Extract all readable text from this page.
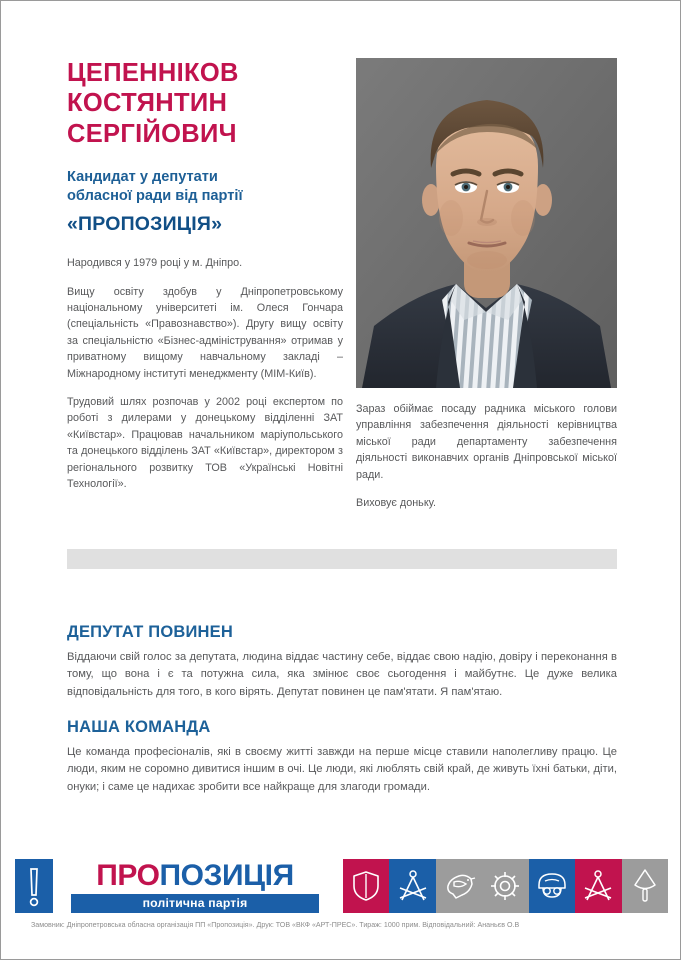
ЦЕПЕННІКОВ
КОСТЯНТИН
СЕРГІЙОВИЧ
Кандидат у депутати
обласної ради від партії
«ПРОПОЗИЦІЯ»

Народився у 1979 році у м. Дніпро.

Вищу освіту здобув у Дніпропетровському національному університеті ім. Олеся Гончара (спеціальність «Правознавство»). Другу вищу освіту за спеціальністю «Бізнес-адміністрування» отримав у приватному вищому навчальному закладі – Міжнародному інституті менеджменту (МІМ-Київ).

Трудовий шлях розпочав у 2002 році експертом по роботі з дилерами у донецькому відділенні ЗАТ «Київстар». Працював начальником маріупольського та донецького відділень ЗАТ «Київстар», директором з регіонального розвитку ТОВ «Українські Новітні Технології».

Зараз обіймає посаду радника міського голови управління забезпечення діяльності керівництва міської ради департаменту забезпечення діяльності виконавчих органів Дніпровської міської ради.

Виховує доньку.

ДЕПУТАТ ПОВИНЕН

Віддаючи свій голос за депутата, людина віддає частину себе, віддає свою надію, довіру і переконання в тому, що вона і є та потужна сила, яка змінює своє сьогодення і майбутнє. Це дуже велика відповідальність для того, в кого вірять. Депутат повинен це пам'ятати. Я пам'ятаю.

НАША КОМАНДА

Це команда професіоналів, які в своєму житті завжди на перше місце ставили наполегливу працю. Це люди, яким не соромно дивитися іншим в очі. Це люди, які люблять свій край, де живуть їхні батьки, діти, онуки; і саме це надихає зробити все найкраще для злагоди громади.

ПРОПОЗИЦІЯ
політична партія
Замовник: Дніпропетровська обласна організація ПП «Пропозиція». Друк: ТОВ «ВКФ «АРТ-ПРЕС». Тираж: 1000 прим. Відповідальний: Ананьєв О.В
